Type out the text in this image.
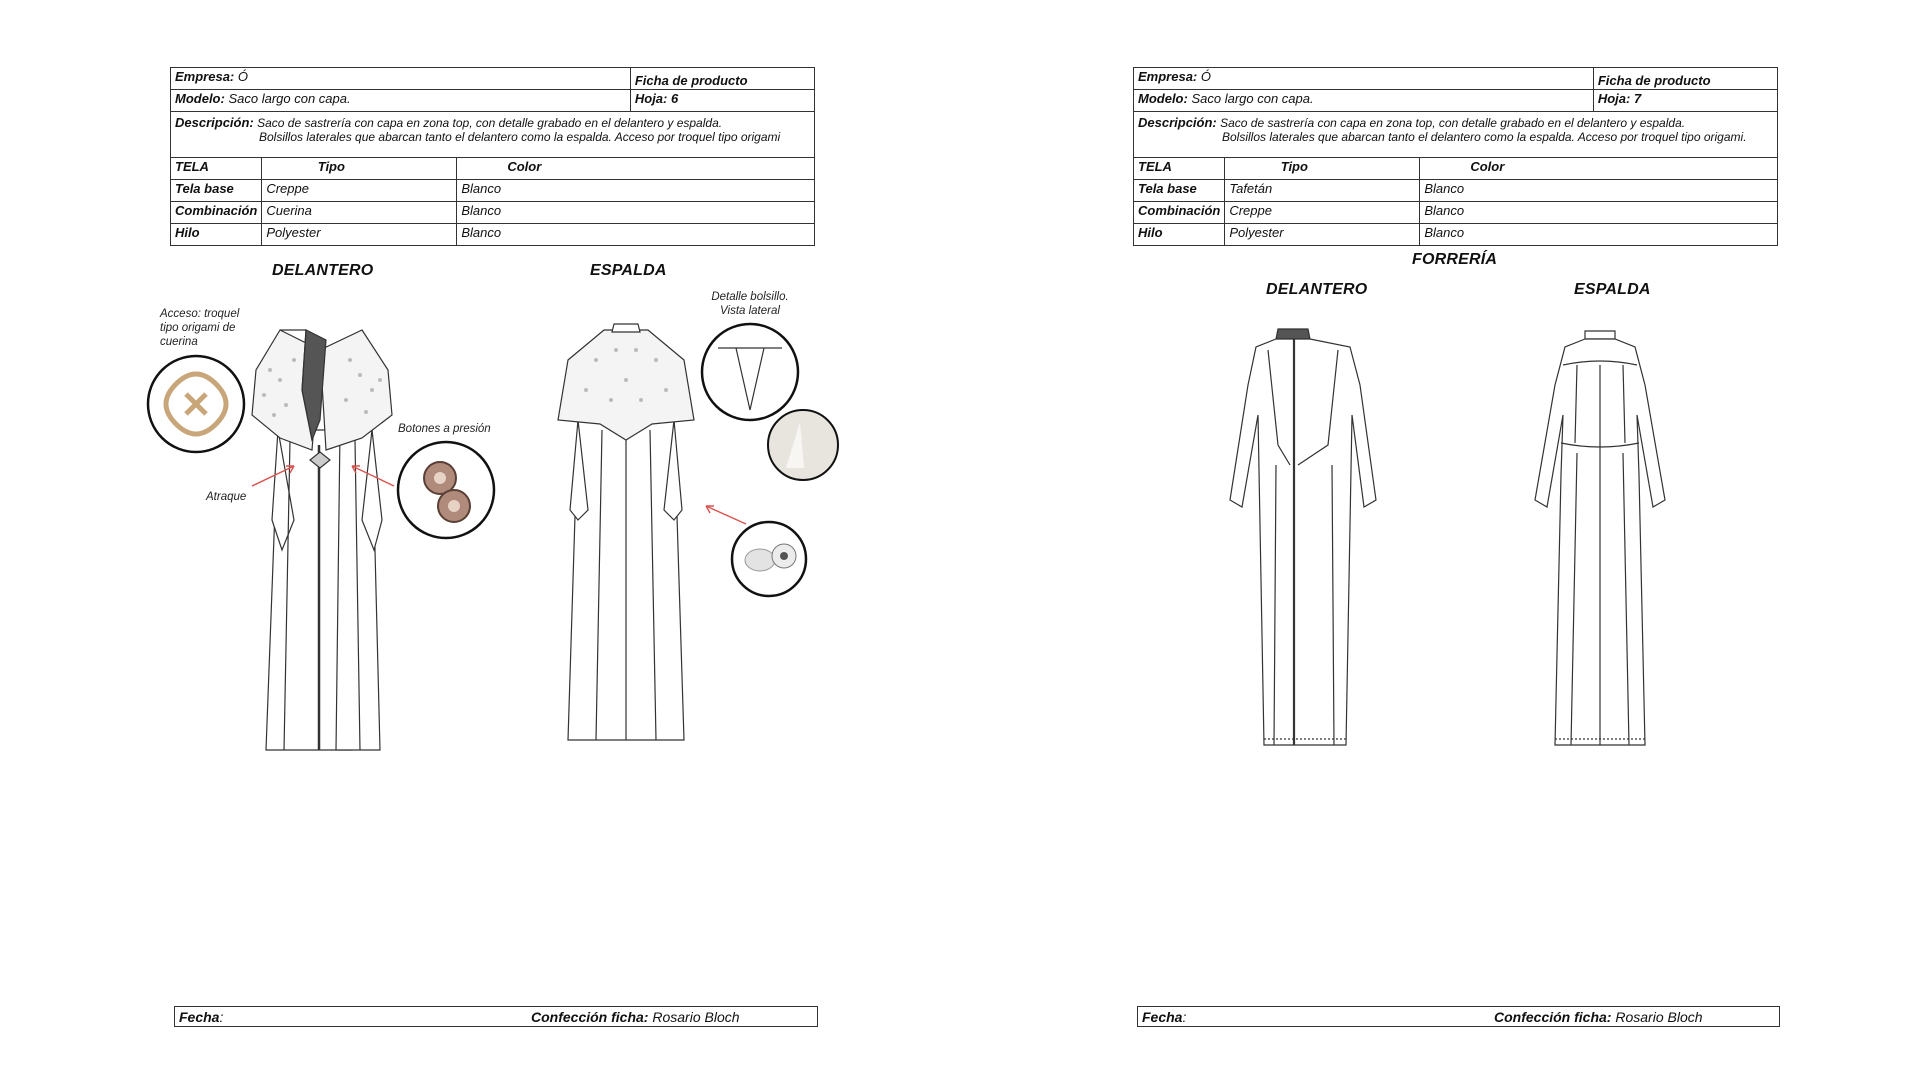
Empresa: Ó			Ficha de producto
Modelo: Saco largo con capa.			Hoja: 6
Descripción: Saco de sastrería con capa en zona top, con detalle grabado en el delantero y espalda.
Bolsillos laterales que abarcan tanto el delantero como la espalda. Acceso por troquel tipo origami			

TELA	Tipo	Color	
Tela base	Creppe	Blanco	
Combinación	Cuerina	Blanco	
Hilo	Polyester	Blanco	
DELANTERO	ESPALDA
Acceso: troquel tipo origami de cuerina
Botones a presión
Atraque
Detalle bolsillo. Vista lateral
Fecha:	Confección ficha: Rosario Bloch
Empresa: Ó			Ficha de producto
Modelo: Saco largo con capa.			Hoja: 7
Descripción: Saco de sastrería con capa en zona top, con detalle grabado en el delantero y espalda.
Bolsillos laterales que abarcan tanto el delantero como la espalda. Acceso por troquel tipo origami.			

TELA	Tipo	Color	
Tela base	Tafetán	Blanco	
Combinación	Creppe	Blanco	
Hilo	Polyester	Blanco	
FORRERÍA
DELANTERO	ESPALDA
Fecha:	Confección ficha: Rosario Bloch
